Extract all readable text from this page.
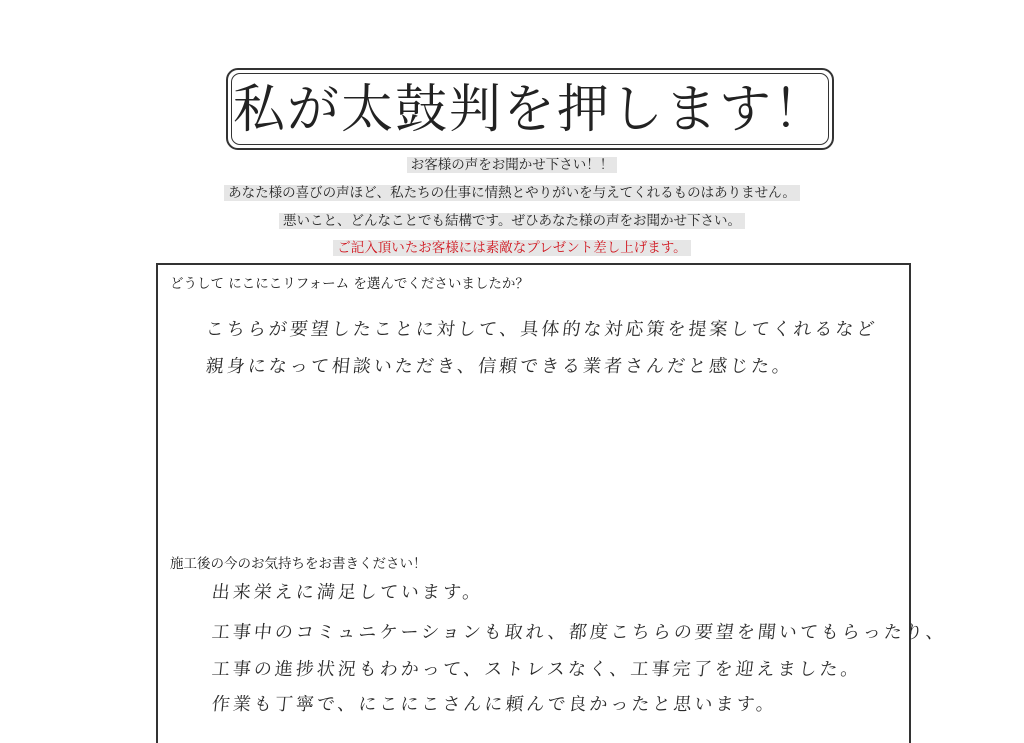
私が太鼓判を押します！
お客様の声をお聞かせ下さい！！
あなた様の喜びの声ほど、私たちの仕事に情熱とやりがいを与えてくれるものはありません。
悪いこと、どんなことでも結構です。ぜひあなた様の声をお聞かせ下さい。
ご記入頂いたお客様には素敵なプレゼント差し上げます。
どうして にこにこリフォーム を選んでくださいましたか？
こちらが要望したことに対して、具体的な対応策を提案してくれるなど
親身になって相談いただき、信頼できる業者さんだと感じた。
施工後の今のお気持ちをお書きください！
出来栄えに満足しています。
工事中のコミュニケーションも取れ、都度こちらの要望を聞いてもらったり、
工事の進捗状況もわかって、ストレスなく、工事完了を迎えました。
作業も丁寧で、にこにこさんに頼んで良かったと思います。
